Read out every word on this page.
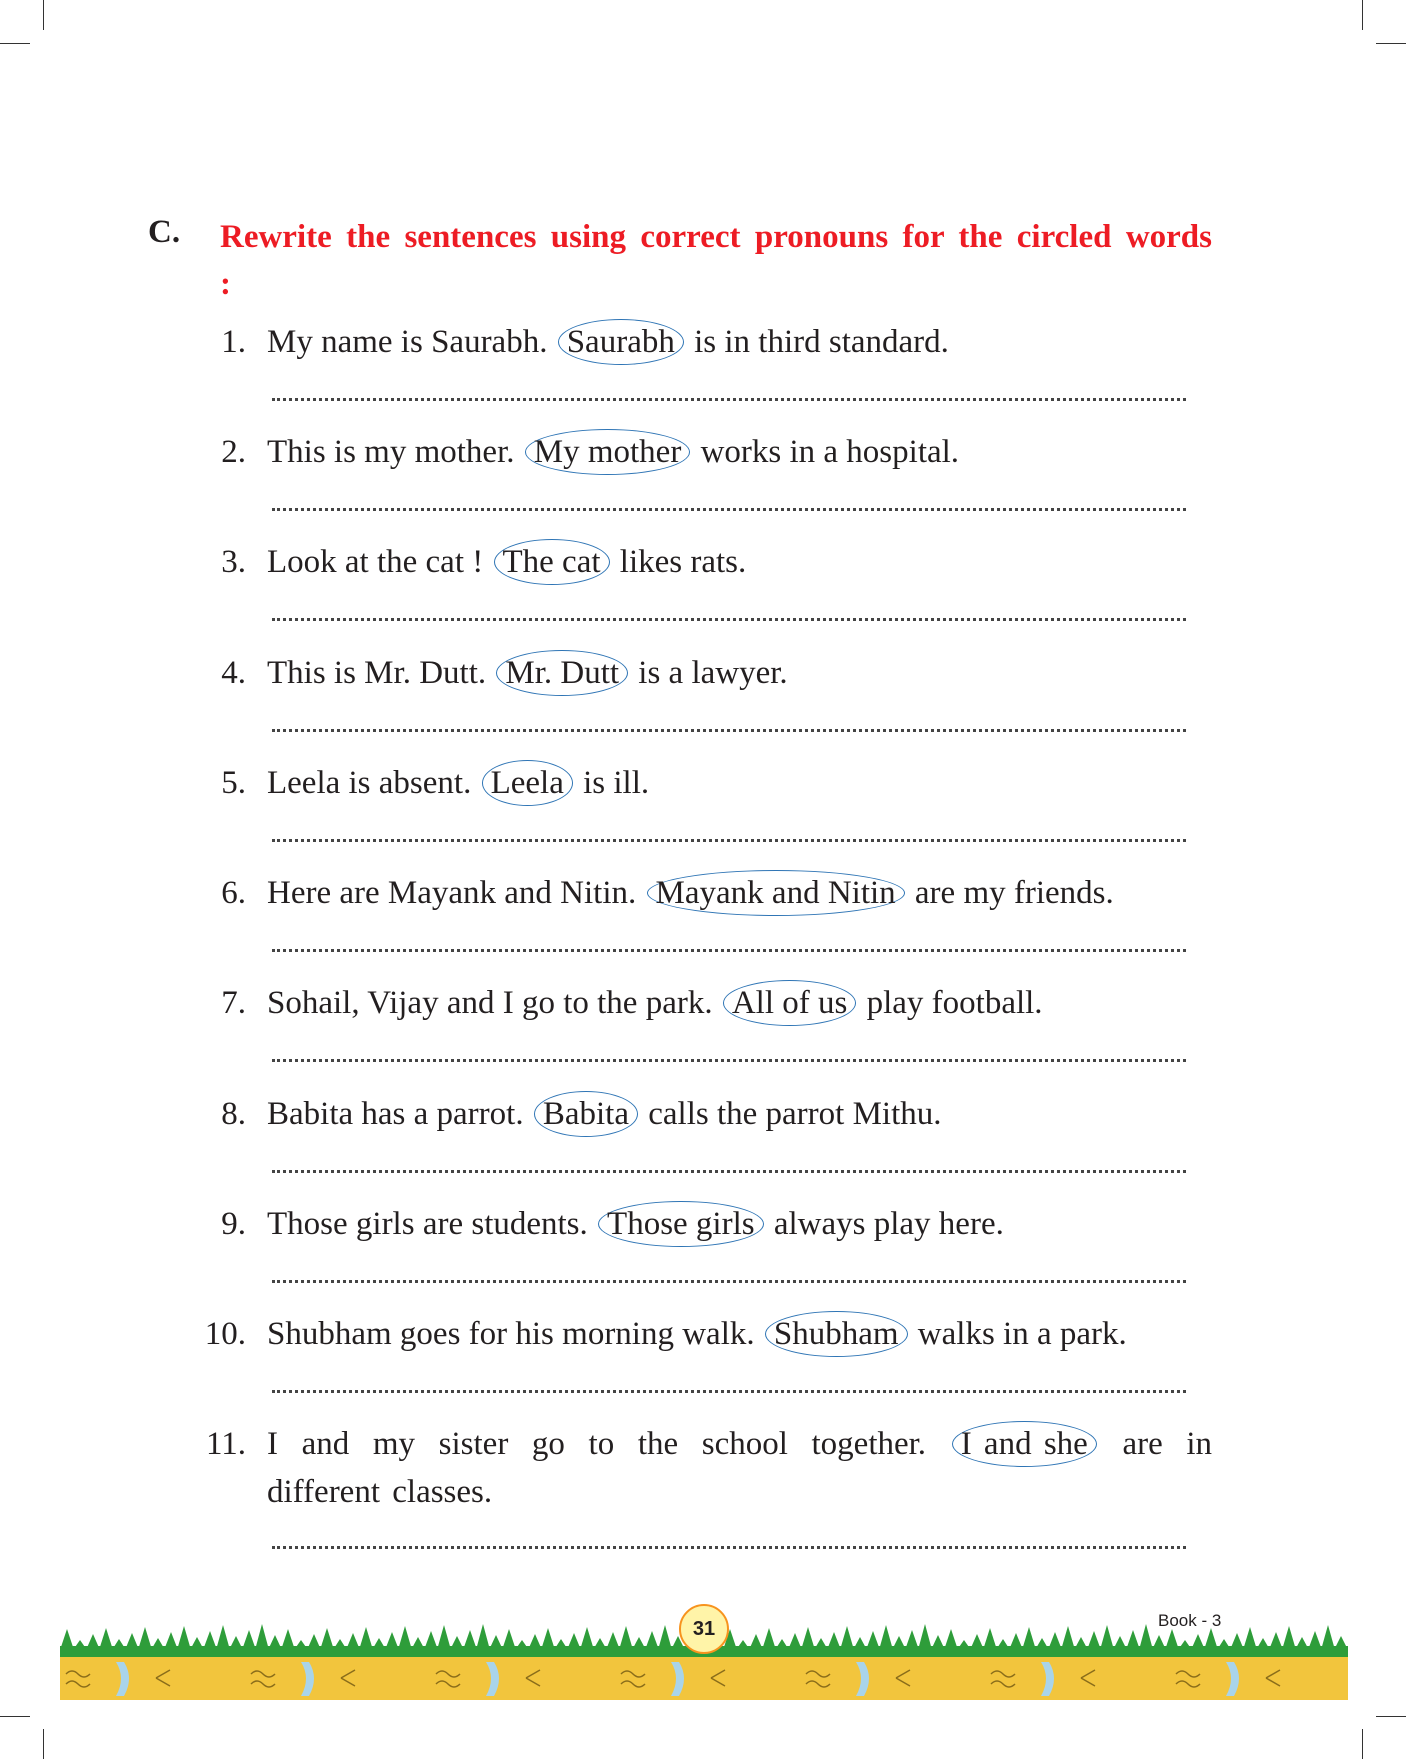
C. Rewrite the sentences using correct pronouns for the circled words :
1. My name is Saurabh. Saurabh is in third standard.
2. This is my mother. My mother works in a hospital.
3. Look at the cat ! The cat likes rats.
4. This is Mr. Dutt. Mr. Dutt is a lawyer.
5. Leela is absent. Leela is ill.
6. Here are Mayank and Nitin. Mayank and Nitin are my friends.
7. Sohail, Vijay and I go to the park. All of us play football.
8. Babita has a parrot. Babita calls the parrot Mithu.
9. Those girls are students. Those girls always play here.
10. Shubham goes for his morning walk. Shubham walks in a park.
11. I and my sister go to the school together. I and she are in different classes.
31	Book - 3
